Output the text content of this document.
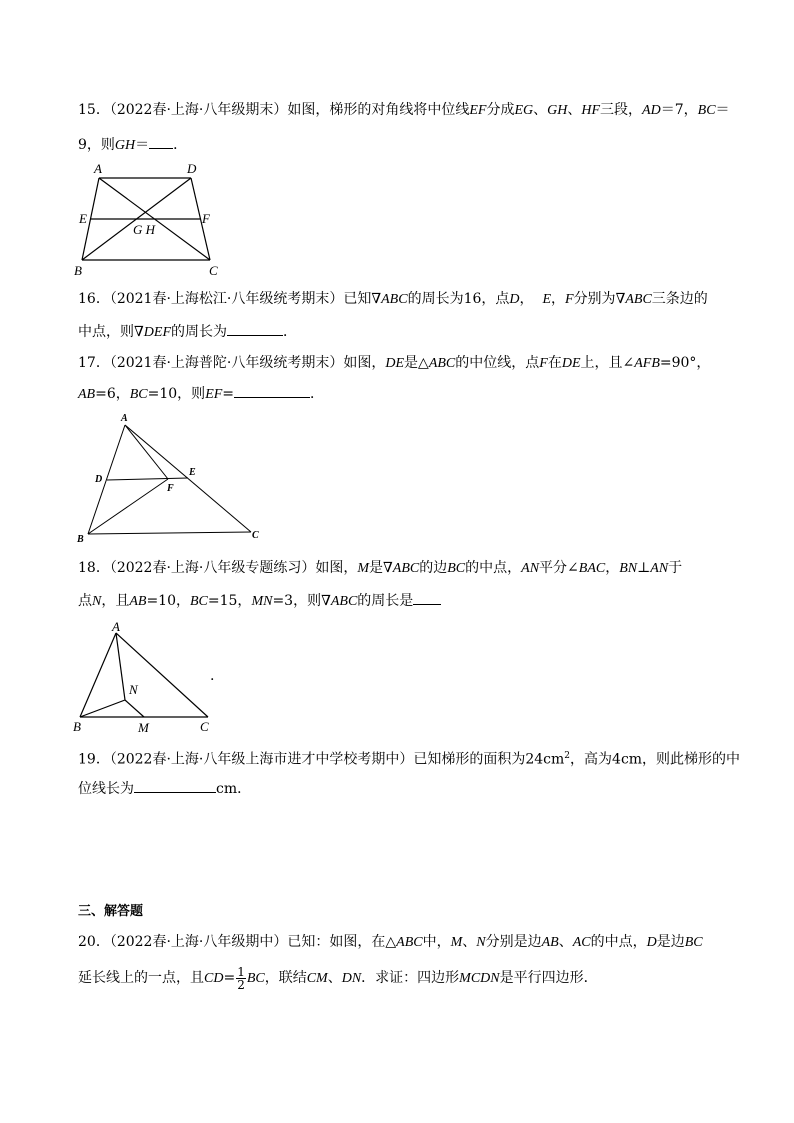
15．（2022春·上海·八年级期末）如图，梯形的对角线将中位线EF分成EG、GH、HF三段，AD＝7，BC＝
9，则GH＝ ．
A	D
E	F
G H
B	C
16．（2021春·上海松江·八年级统考期末）已知∇ABC的周长为16，点D， E，F分别为∇ABC三条边的
中点，则∇DEF的周长为	．
17．（2021春·上海普陀·八年级统考期末）如图，DE是△ABC的中位线，点F在DE上，且∠AFB=90°，
AB=6，BC=10，则EF=	．
A
D
E
F
B	C
18．（2022春·上海·八年级专题练习）如图，M是∇ABC的边BC的中点，AN平分∠BAC，BN⊥AN于
点N，且AB=10，BC=15，MN=3，则∇ABC的周长是
A
N
B	M	C
.
19．（2022春·上海·八年级上海市进才中学校考期中）已知梯形的面积为$24cm^2$，高为4cm，则此梯形的中
位线长为	cm．
三、解答题
20．（2022春·上海·八年级期中）已知：如图，在△ABC中，M、N分别是边AB、AC的中点，D是边BC
延长线上的一点，且$CD= \frac{1}{2}$ BC，联结CM、DN．求证：四边形MCDN是平行四边形．
